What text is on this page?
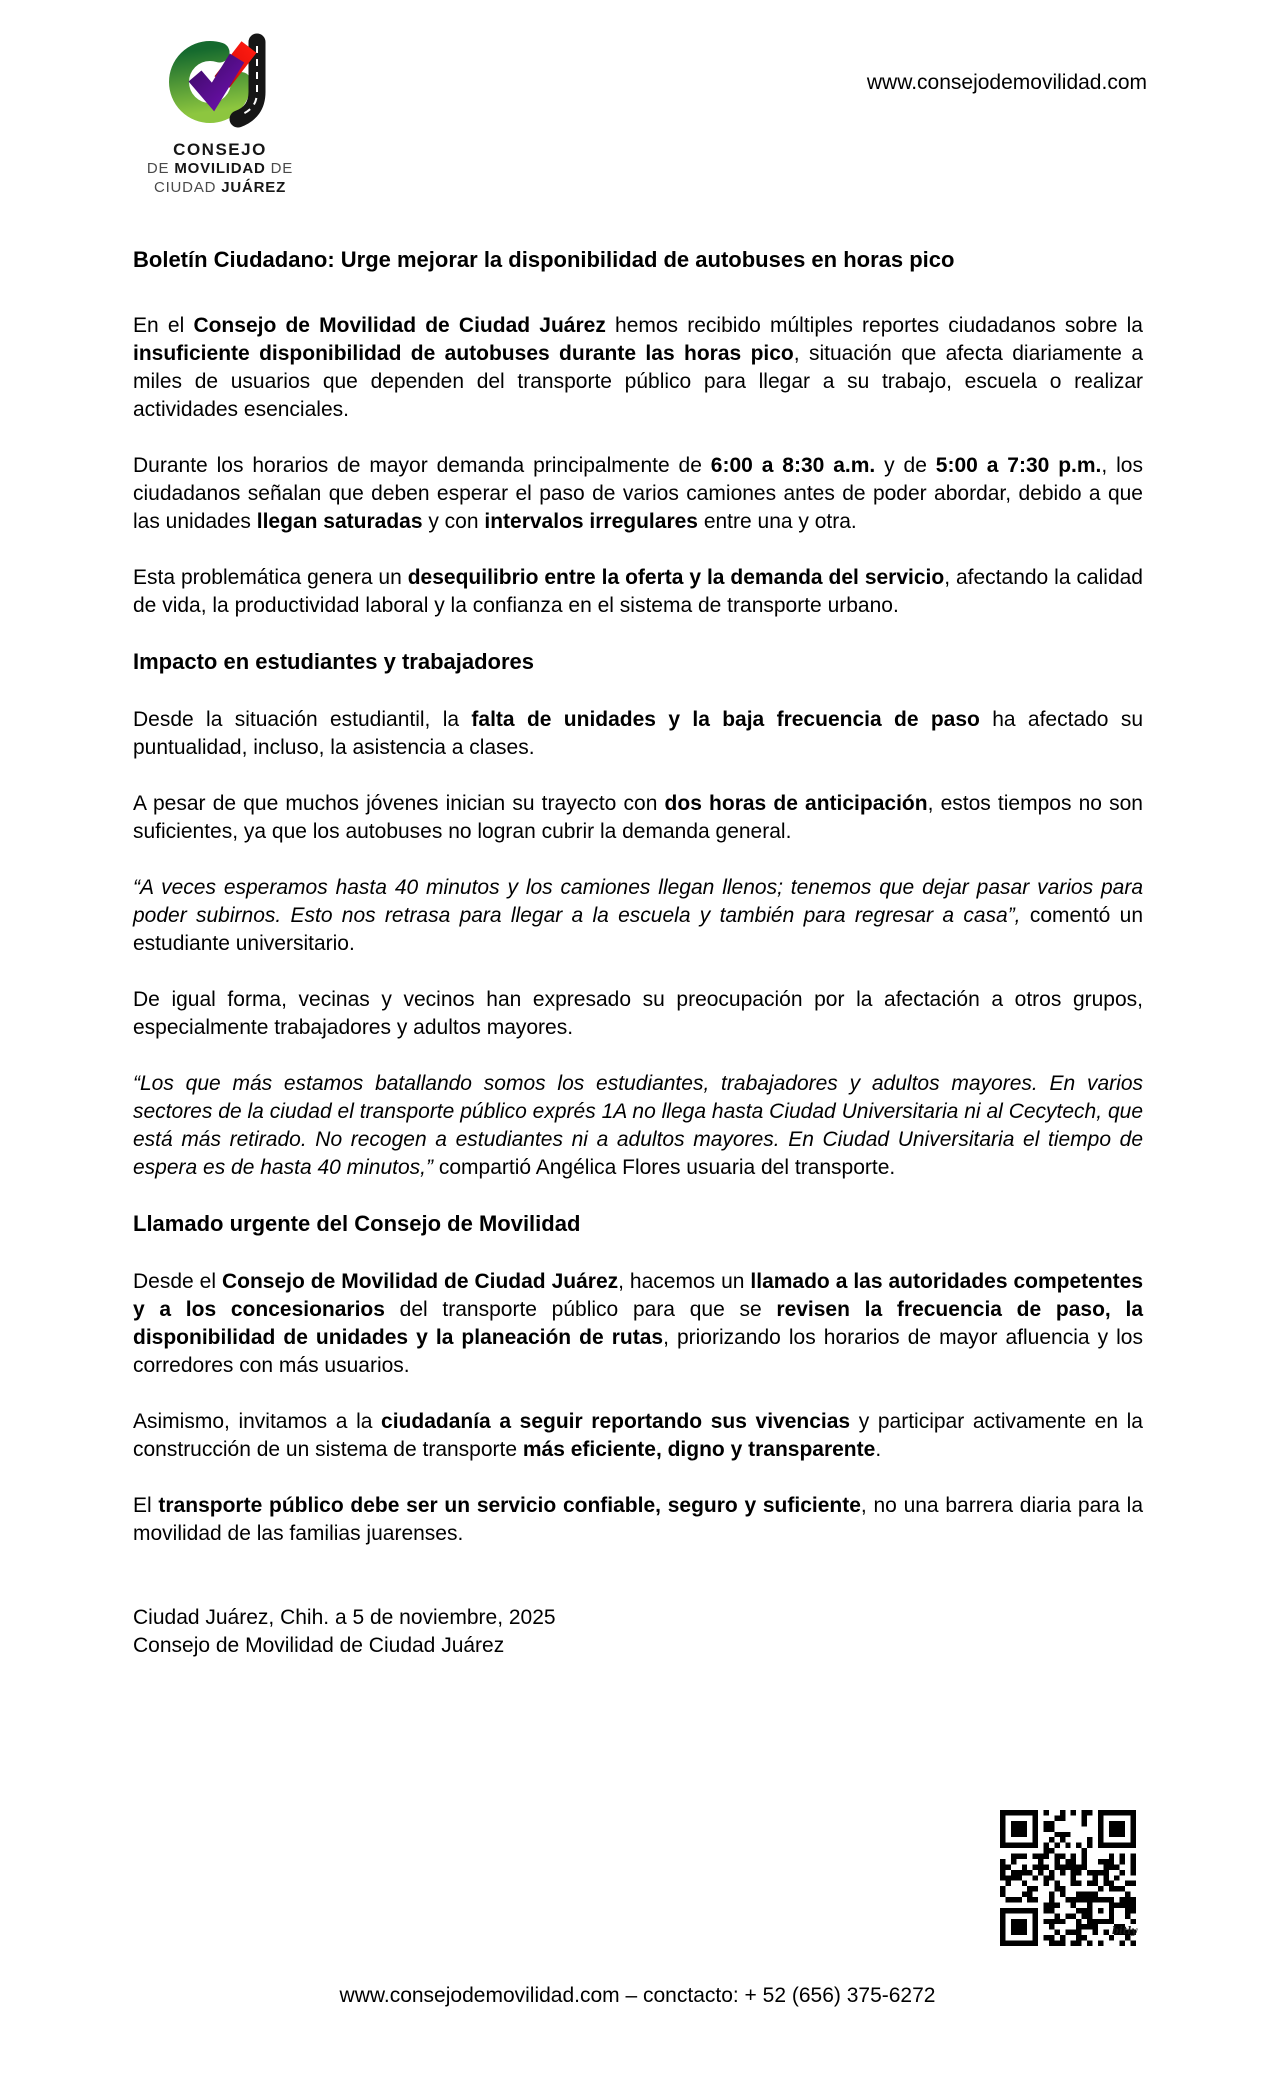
CONSEJO
DE MOVILIDAD DE
CIUDAD JUÁREZ
www.consejodemovilidad.com
Boletín Ciudadano: Urge mejorar la disponibilidad de autobuses en horas pico

En el Consejo de Movilidad de Ciudad Juárez hemos recibido múltiples reportes ciudadanos sobre la insuficiente disponibilidad de autobuses durante las horas pico, situación que afecta diariamente a miles de usuarios que dependen del transporte público para llegar a su trabajo, escuela o realizar actividades esenciales.

Durante los horarios de mayor demanda principalmente de 6:00 a 8:30 a.m. y de 5:00 a 7:30 p.m., los ciudadanos señalan que deben esperar el paso de varios camiones antes de poder abordar, debido a que las unidades llegan saturadas y con intervalos irregulares entre una y otra.

Esta problemática genera un desequilibrio entre la oferta y la demanda del servicio, afectando la calidad de vida, la productividad laboral y la confianza en el sistema de transporte urbano.

Impacto en estudiantes y trabajadores

Desde la situación estudiantil, la falta de unidades y la baja frecuencia de paso ha afectado su puntualidad, incluso, la asistencia a clases.

A pesar de que muchos jóvenes inician su trayecto con dos horas de anticipación, estos tiempos no son suficientes, ya que los autobuses no logran cubrir la demanda general.

“A veces esperamos hasta 40 minutos y los camiones llegan llenos; tenemos que dejar pasar varios para poder subirnos. Esto nos retrasa para llegar a la escuela y también para regresar a casa”, comentó un estudiante universitario.

De igual forma, vecinas y vecinos han expresado su preocupación por la afectación a otros grupos, especialmente trabajadores y adultos mayores.

“Los que más estamos batallando somos los estudiantes, trabajadores y adultos mayores. En varios sectores de la ciudad el transporte público exprés 1A no llega hasta Ciudad Universitaria ni al Cecytech, que está más retirado. No recogen a estudiantes ni a adultos mayores. En Ciudad Universitaria el tiempo de espera es de hasta 40 minutos,” compartió Angélica Flores usuaria del transporte.

Llamado urgente del Consejo de Movilidad

Desde el Consejo de Movilidad de Ciudad Juárez, hacemos un llamado a las autoridades competentes y a los concesionarios del transporte público para que se revisen la frecuencia de paso, la disponibilidad de unidades y la planeación de rutas, priorizando los horarios de mayor afluencia y los corredores con más usuarios.

Asimismo, invitamos a la ciudadanía a seguir reportando sus vivencias y participar activamente en la construcción de un sistema de transporte más eficiente, digno y transparente.

El transporte público debe ser un servicio confiable, seguro y suficiente, no una barrera diaria para la movilidad de las familias juarenses.

Ciudad Juárez, Chih. a 5 de noviembre, 2025

Consejo de Movilidad de Ciudad Juárez

bitly
www.consejodemovilidad.com – conctacto: + 52 (656) 375-6272
